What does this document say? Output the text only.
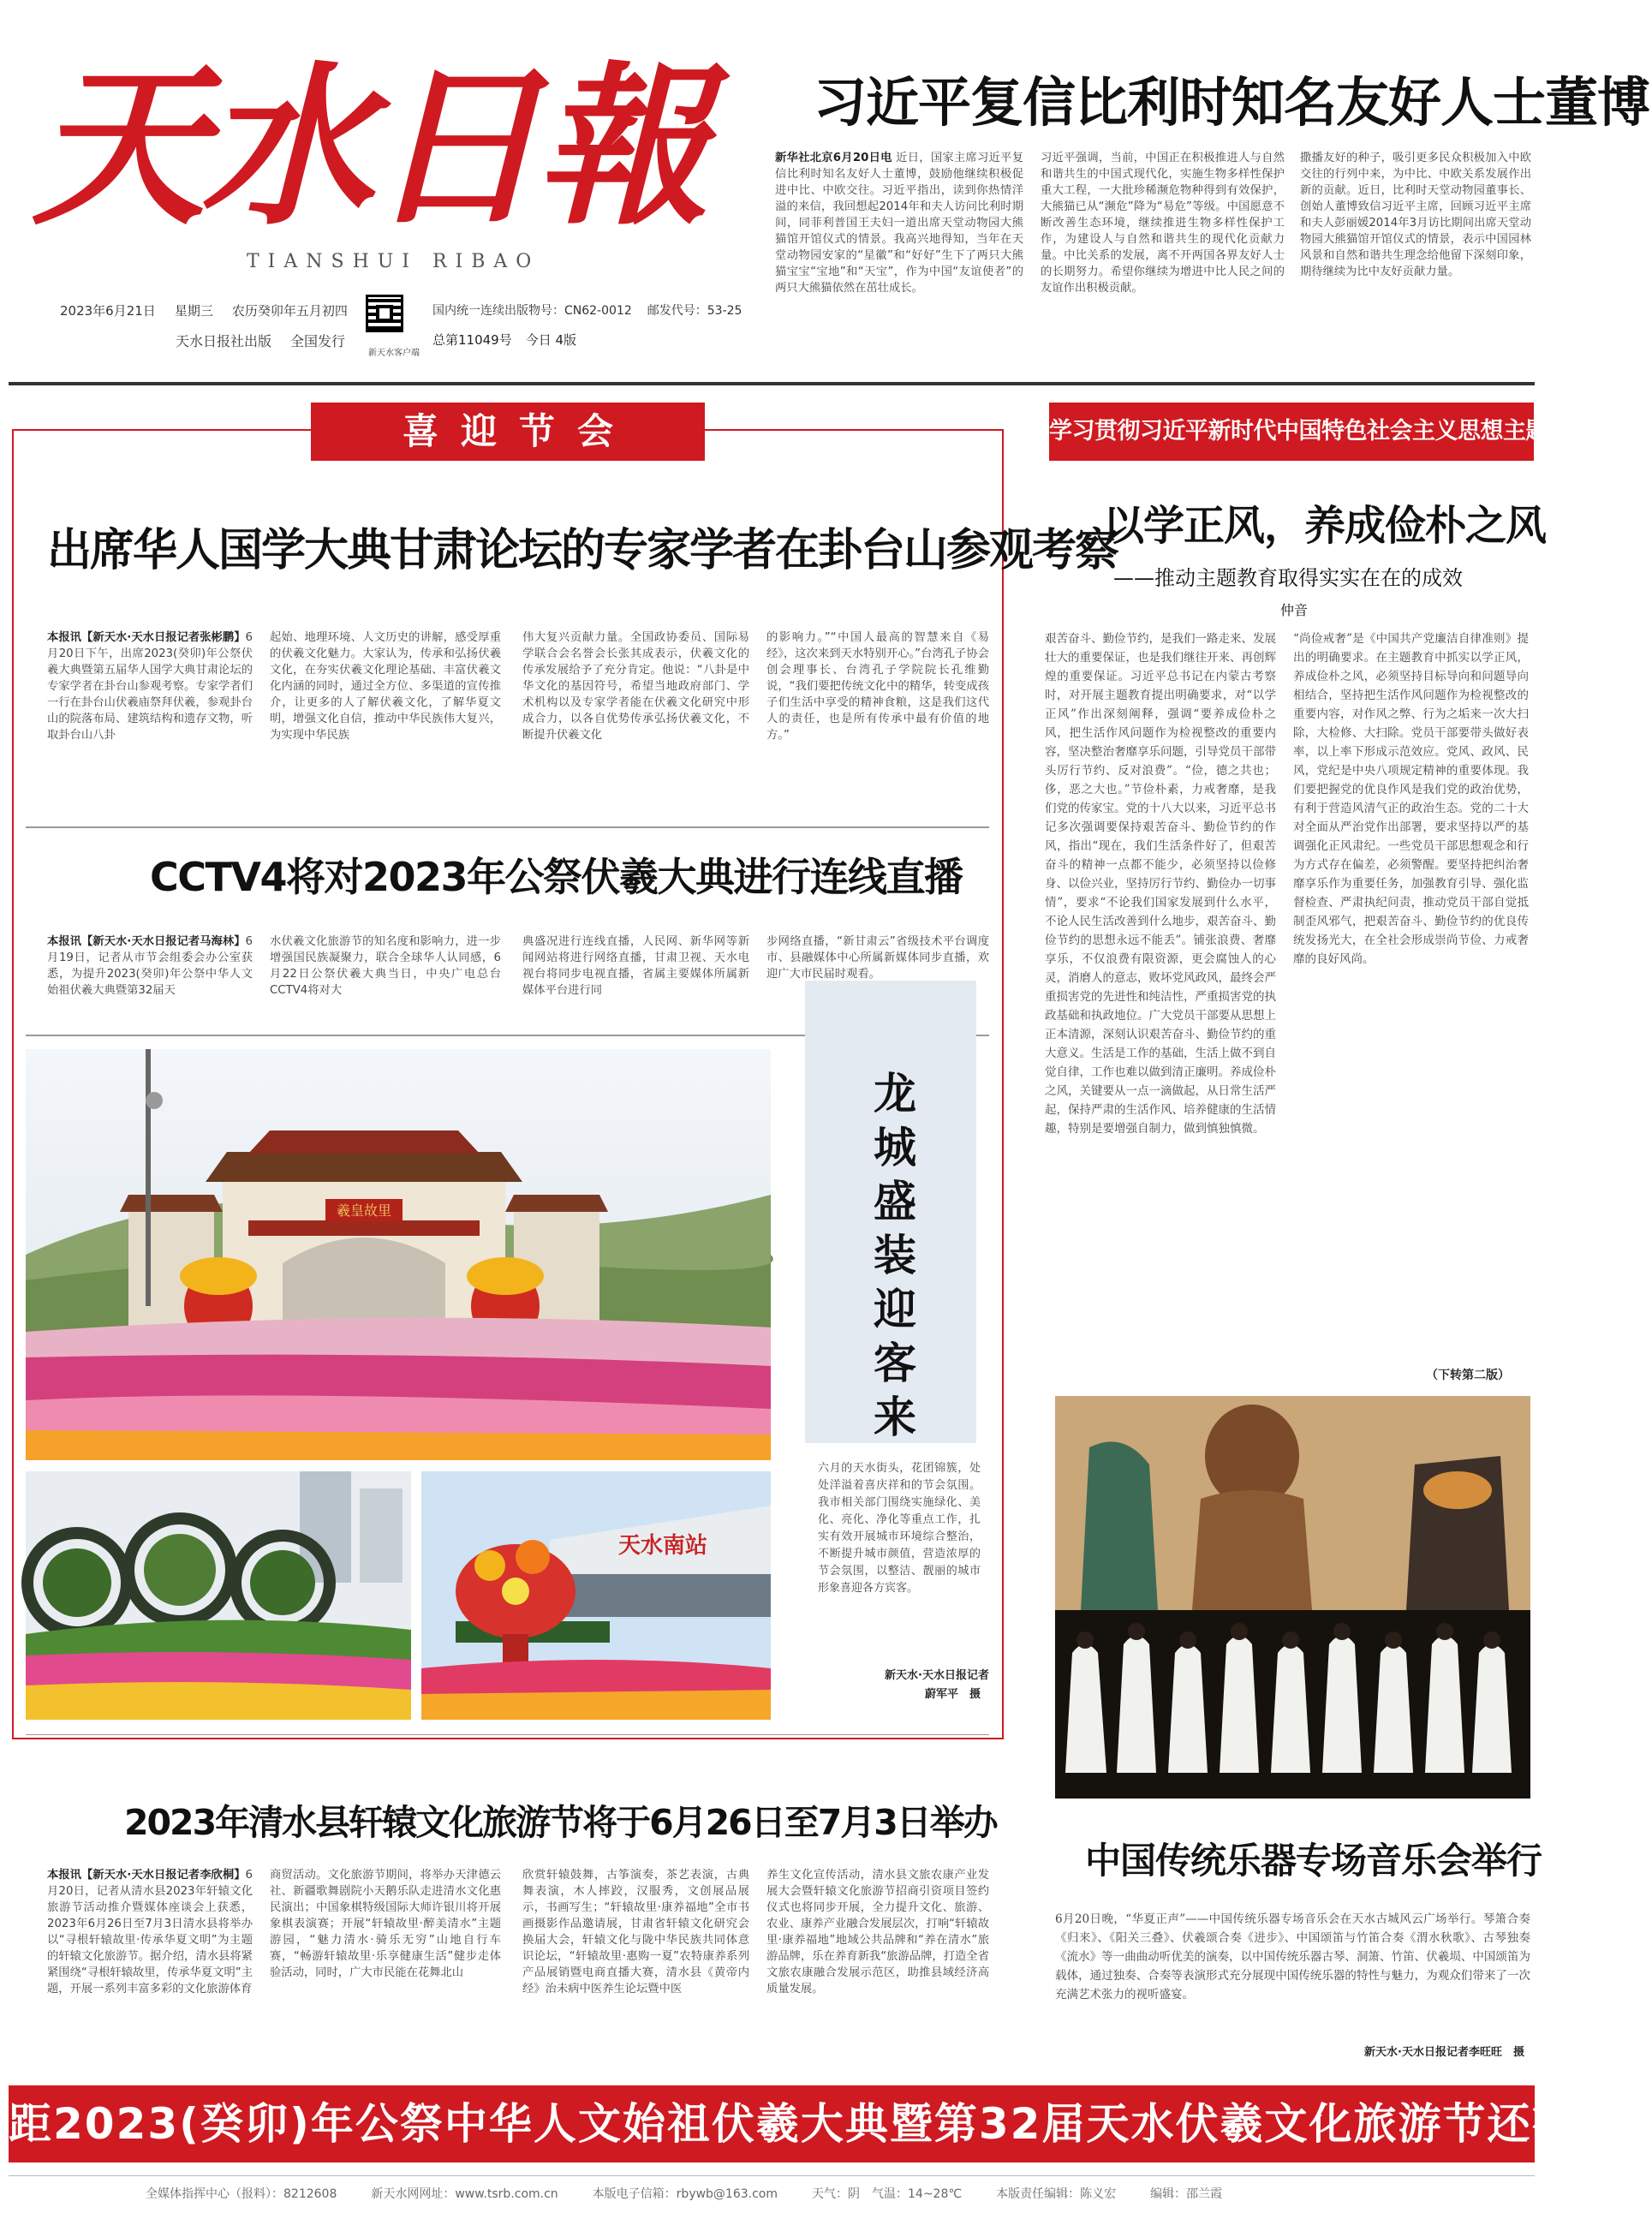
天水日報
TIANSHUI RIBAO
2023年6月21日 星期三 农历癸卯年五月初四
天水日报社出版 全国发行
新天水客户端
国内统一连续出版物号：CN62-0012 邮发代号：53-25
总第11049号 今日 4版
习近平复信比利时知名友好人士董博
新华社北京6月20日电 近日，国家主席习近平复信比利时知名友好人士董博，鼓励他继续积极促进中比、中欧交往。习近平指出，读到你热情洋溢的来信，我回想起2014年和夫人访问比利时期间，同菲利普国王夫妇一道出席天堂动物园大熊猫馆开馆仪式的情景。我高兴地得知，当年在天堂动物园安家的“星徽”和“好好”生下了两只大熊猫宝宝“宝地”和“天宝”，作为中国“友谊使者”的两只大熊猫依然在茁壮成长。
习近平强调，当前，中国正在积极推进人与自然和谐共生的中国式现代化，实施生物多样性保护重大工程，一大批珍稀濒危物种得到有效保护，大熊猫已从“濒危”降为“易危”等级。中国愿意不断改善生态环境，继续推进生物多样性保护工作，为建设人与自然和谐共生的现代化贡献力量。中比关系的发展，离不开两国各界友好人士的长期努力。希望你继续为增进中比人民之间的友谊作出积极贡献。
撒播友好的种子，吸引更多民众积极加入中欧交往的行列中来，为中比、中欧关系发展作出新的贡献。近日，比利时天堂动物园董事长、创始人董博致信习近平主席，回顾习近平主席和夫人彭丽媛2014年3月访比期间出席天堂动物园大熊猫馆开馆仪式的情景，表示中国园林风景和自然和谐共生理念给他留下深刻印象，期待继续为比中友好贡献力量。
喜迎节会
出席华人国学大典甘肃论坛的专家学者在卦台山参观考察
本报讯【新天水·天水日报记者张彬鹏】6月20日下午，出席2023(癸卯)年公祭伏羲大典暨第五届华人国学大典甘肃论坛的专家学者在卦台山参观考察。专家学者们一行在卦台山伏羲庙祭拜伏羲，参观卦台山的院落布局、建筑结构和遗存文物，听取卦台山八卦
起始、地理环境、人文历史的讲解，感受厚重的伏羲文化魅力。大家认为，传承和弘扬伏羲文化，在夯实伏羲文化理论基础、丰富伏羲文化内涵的同时，通过全方位、多渠道的宣传推介，让更多的人了解伏羲文化，了解华夏文明，增强文化自信，推动中华民族伟大复兴，为实现中华民族
伟大复兴贡献力量。全国政协委员、国际易学联合会名誉会长张其成表示，伏羲文化的传承发展给予了充分肯定。他说：“八卦是中华文化的基因符号，希望当地政府部门、学术机构以及专家学者能在伏羲文化研究中形成合力，以各自优势传承弘扬伏羲文化，不断提升伏羲文化
的影响力。”“中国人最高的智慧来自《易经》，这次来到天水特别开心。”台湾孔子协会创会理事长、台湾孔子学院院长孔维勤说，“我们要把传统文化中的精华，转变成孩子们生活中享受的精神食粮，这是我们这代人的责任，也是所有传承中最有价值的地方。”
CCTV4将对2023年公祭伏羲大典进行连线直播
本报讯【新天水·天水日报记者马海林】6月19日，记者从市节会组委会办公室获悉，为提升2023(癸卯)年公祭中华人文始祖伏羲大典暨第32届天
水伏羲文化旅游节的知名度和影响力，进一步增强国民族凝聚力，联合全球华人认同感，6月22日公祭伏羲大典当日，中央广电总台CCTV4将对大
典盛况进行连线直播，人民网、新华网等新闻网站将进行网络直播，甘肃卫视、天水电视台将同步电视直播，省属主要媒体所属新媒体平台进行同
步网络直播，“新甘肃云”省级技术平台调度市、县融媒体中心所属新媒体同步直播，欢迎广大市民届时观看。
羲皇故里
龙城盛装迎客来
六月的天水街头，花团锦簇，处处洋溢着喜庆祥和的节会氛围。我市相关部门围绕实施绿化、美化、亮化、净化等重点工作，扎实有效开展城市环境综合整治，不断提升城市颜值，营造浓厚的节会氛围，以整洁、靓丽的城市形象喜迎各方宾客。
新天水·天水日报记者
蔚军平　摄
天水南站
2023年清水县轩辕文化旅游节将于6月26日至7月3日举办
本报讯【新天水·天水日报记者李欣桐】6月20日，记者从清水县2023年轩辕文化旅游节活动推介暨媒体座谈会上获悉，2023年6月26日至7月3日清水县将举办以“寻根轩辕故里·传承华夏文明”为主题的轩辕文化旅游节。据介绍，清水县将紧紧围绕“寻根轩辕故里，传承华夏文明”主题，开展一系列丰富多彩的文化旅游体育
商贸活动。文化旅游节期间，将举办天津德云社、新疆歌舞剧院小天鹅乐队走进清水文化惠民演出；中国象棋特级国际大师许银川将开展象棋表演赛；开展“轩辕故里·醉美清水”主题游园，“魅力清水·骑乐无穷”山地自行车赛，“畅游轩辕故里·乐享健康生活”健步走体验活动，同时，广大市民能在花舞北山
欣赏轩辕鼓舞，古筝演奏，茶艺表演，古典舞表演，木人摔跤，汉服秀，文创展品展示，书画写生；“轩辕故里·康养福地”全市书画摄影作品邀请展，甘肃省轩辕文化研究会换届大会，轩辕文化与陇中华民族共同体意识论坛，“轩辕故里·惠购一夏”农特康养系列产品展销暨电商直播大赛，清水县《黄帝内经》治未病中医养生论坛暨中医
养生文化宣传活动，清水县文旅农康产业发展大会暨轩辕文化旅游节招商引资项目签约仪式也将同步开展，全力提升文化、旅游、农业、康养产业融合发展层次，打响“轩辕故里·康养福地”地域公共品牌和“养在清水”旅游品牌，乐在养育新我“旅游品牌，打造全省文旅农康融合发展示范区，助推县域经济高质量发展。
学习贯彻习近平新时代中国特色社会主义思想主题教育
以学正风，养成俭朴之风
——推动主题教育取得实实在在的成效
仲音
艰苦奋斗、勤俭节约，是我们一路走来、发展壮大的重要保证，也是我们继往开来、再创辉煌的重要保证。习近平总书记在内蒙古考察时，对开展主题教育提出明确要求，对“以学正风”作出深刻阐释，强调“要养成俭朴之风，把生活作风问题作为检视整改的重要内容，坚决整治奢靡享乐问题，引导党员干部带头厉行节约、反对浪费”。“俭，德之共也；侈，恶之大也。”节俭朴素，力戒奢靡，是我们党的传家宝。党的十八大以来，习近平总书记多次强调要保持艰苦奋斗、勤俭节约的作风，指出“现在，我们生活条件好了，但艰苦奋斗的精神一点都不能少，必须坚持以俭修身、以俭兴业，坚持厉行节约、勤俭办一切事情”，要求“不论我们国家发展到什么水平，不论人民生活改善到什么地步，艰苦奋斗、勤俭节约的思想永远不能丢”。铺张浪费、奢靡享乐，不仅浪费有限资源，更会腐蚀人的心灵，消磨人的意志，败坏党风政风，最终会严重损害党的先进性和纯洁性，严重损害党的执政基础和执政地位。广大党员干部要从思想上正本清源，深刻认识艰苦奋斗、勤俭节约的重大意义。生活是工作的基础，生活上做不到自觉自律，工作也难以做到清正廉明。养成俭朴之风，关键要从一点一滴做起，从日常生活严起，保持严肃的生活作风、培养健康的生活情趣，特别是要增强自制力，做到慎独慎微。
“尚俭戒奢”是《中国共产党廉洁自律准则》提出的明确要求。在主题教育中抓实以学正风，养成俭朴之风，必须坚持目标导向和问题导向相结合，坚持把生活作风问题作为检视整改的重要内容，对作风之弊、行为之垢来一次大扫除，大检修、大扫除。党员干部要带头做好表率，以上率下形成示范效应。党风、政风、民风，党纪是中央八项规定精神的重要体现。我们要把握党的优良作风是我们党的政治优势，有利于营造风清气正的政治生态。党的二十大对全面从严治党作出部署，要求坚持以严的基调强化正风肃纪。一些党员干部思想观念和行为方式存在偏差，必须警醒。要坚持把纠治奢靡享乐作为重要任务，加强教育引导、强化监督检查、严肃执纪问责，推动党员干部自觉抵制歪风邪气，把艰苦奋斗、勤俭节约的优良传统发扬光大，在全社会形成崇尚节俭、力戒奢靡的良好风尚。
（下转第二版）
中国传统乐器专场音乐会举行
6月20日晚，“华夏正声”——中国传统乐器专场音乐会在天水古城风云广场举行。琴箫合奏《归来》、《阳关三叠》、伏羲颂合奏《进步》、中国颂笛与竹笛合奏《渭水秋歌》、古琴独奏《流水》等一曲曲动听优美的演奏，以中国传统乐器古琴、洞箫、竹笛、伏羲埙、中国颂笛为载体，通过独奏、合奏等表演形式充分展现中国传统乐器的特性与魅力，为观众们带来了一次充满艺术张力的视听盛宴。
新天水·天水日报记者李旺旺　摄
距2023(癸卯)年公祭中华人文始祖伏羲大典暨第32届天水伏羲文化旅游节还有1天
全媒体指挥中心（报料）：8212608	新天水网网址：www.tsrb.com.cn	本版电子信箱：rbywb@163.com	天气：阴　气温：14~28℃	本版责任编辑：陈义宏	编辑：邵兰霞
